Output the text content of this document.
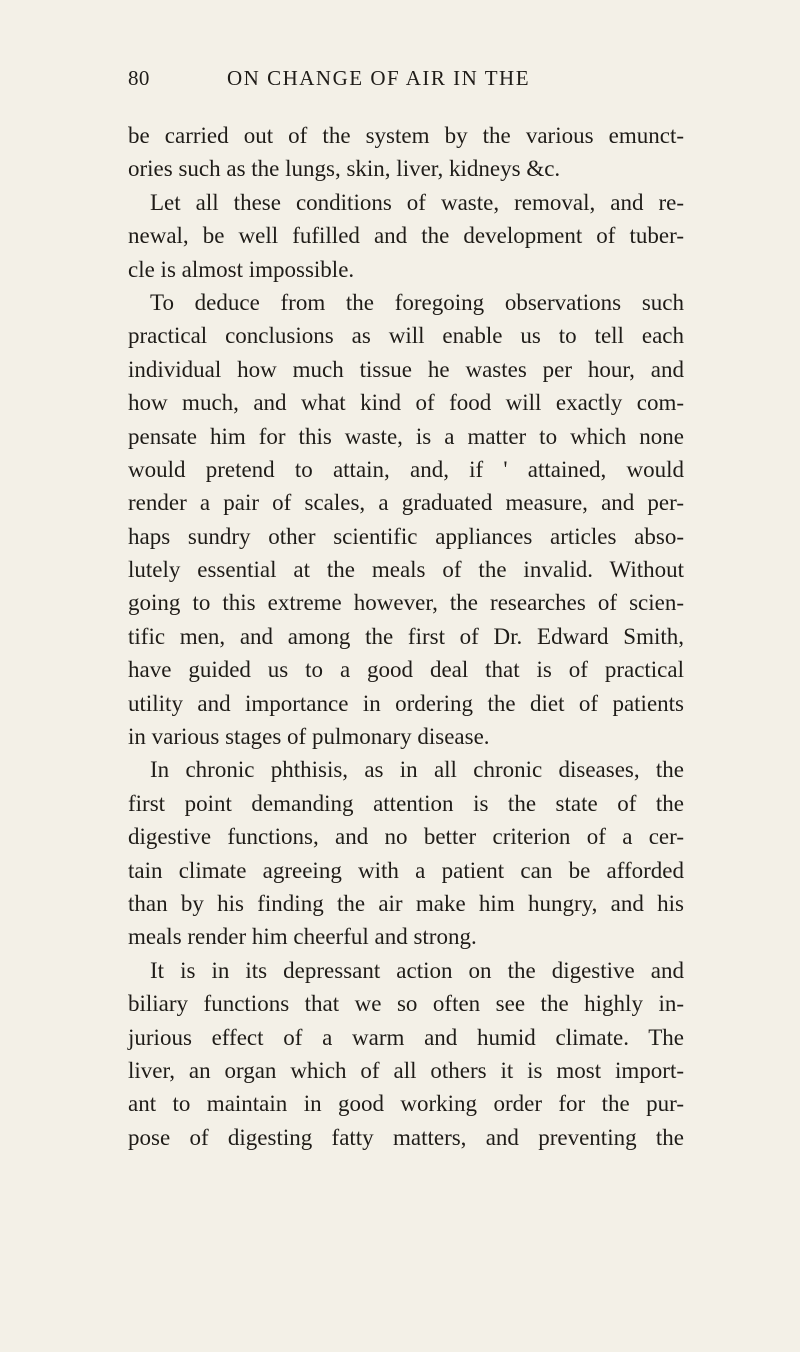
80	ON CHANGE OF AIR IN THE
be carried out of the system by the various emunct-
ories such as the lungs, skin, liver, kidneys &c.
Let all these conditions of waste, removal, and re-
newal, be well fufilled and the development of tuber-
cle is almost impossible.
To deduce from the foregoing observations such
practical conclusions as will enable us to tell each
individual how much tissue he wastes per hour, and
how much, and what kind of food will exactly com-
pensate him for this waste, is a matter to which none
would pretend to attain, and, if ' attained, would
render a pair of scales, a graduated measure, and per-
haps sundry other scientific appliances articles abso-
lutely essential at the meals of the invalid. Without
going to this extreme however, the researches of scien-
tific men, and among the first of Dr. Edward Smith,
have guided us to a good deal that is of practical
utility and importance in ordering the diet of patients
in various stages of pulmonary disease.
In chronic phthisis, as in all chronic diseases, the
first point demanding attention is the state of the
digestive functions, and no better criterion of a cer-
tain climate agreeing with a patient can be afforded
than by his finding the air make him hungry, and his
meals render him cheerful and strong.
It is in its depressant action on the digestive and
biliary functions that we so often see the highly in-
jurious effect of a warm and humid climate. The
liver, an organ which of all others it is most import-
ant to maintain in good working order for the pur-
pose of digesting fatty matters, and preventing the
